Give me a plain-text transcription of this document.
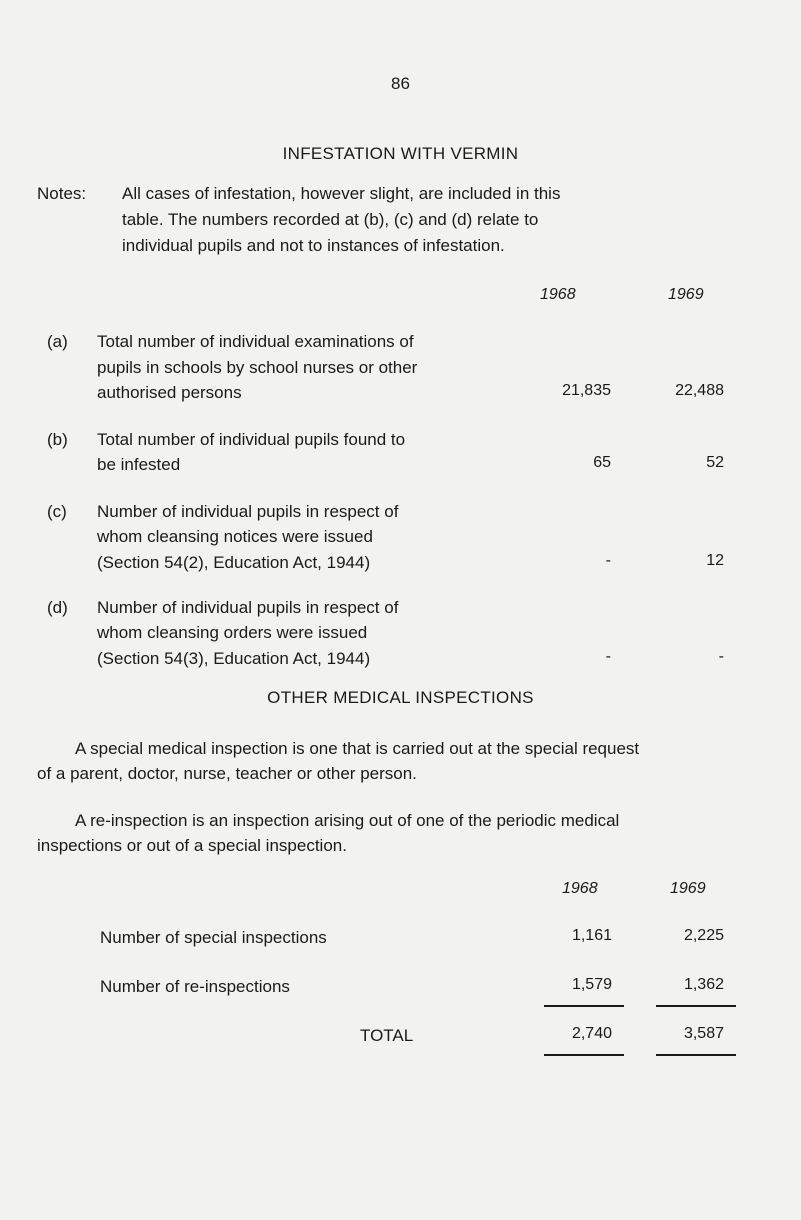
86
INFESTATION WITH VERMIN
Notes: All cases of infestation, however slight, are included in this
table. The numbers recorded at (b), (c) and (d) relate to
individual pupils and not to instances of infestation.
1968	1969
(a) Total number of individual examinations of
pupils in schools by school nurses or other
authorised persons	21,835	22,488
(b) Total number of individual pupils found to
be infested	65	52
(c) Number of individual pupils in respect of
whom cleansing notices were issued
(Section 54(2), Education Act, 1944)	-	12
(d) Number of individual pupils in respect of
whom cleansing orders were issued
(Section 54(3), Education Act, 1944)	-	-
OTHER MEDICAL INSPECTIONS
A special medical inspection is one that is carried out at the special request
of a parent, doctor, nurse, teacher or other person.
A re-inspection is an inspection arising out of one of the periodic medical
inspections or out of a special inspection.
1968	1969
Number of special inspections	1,161	2,225
Number of re-inspections	1,579	1,362
TOTAL	2,740	3,587
